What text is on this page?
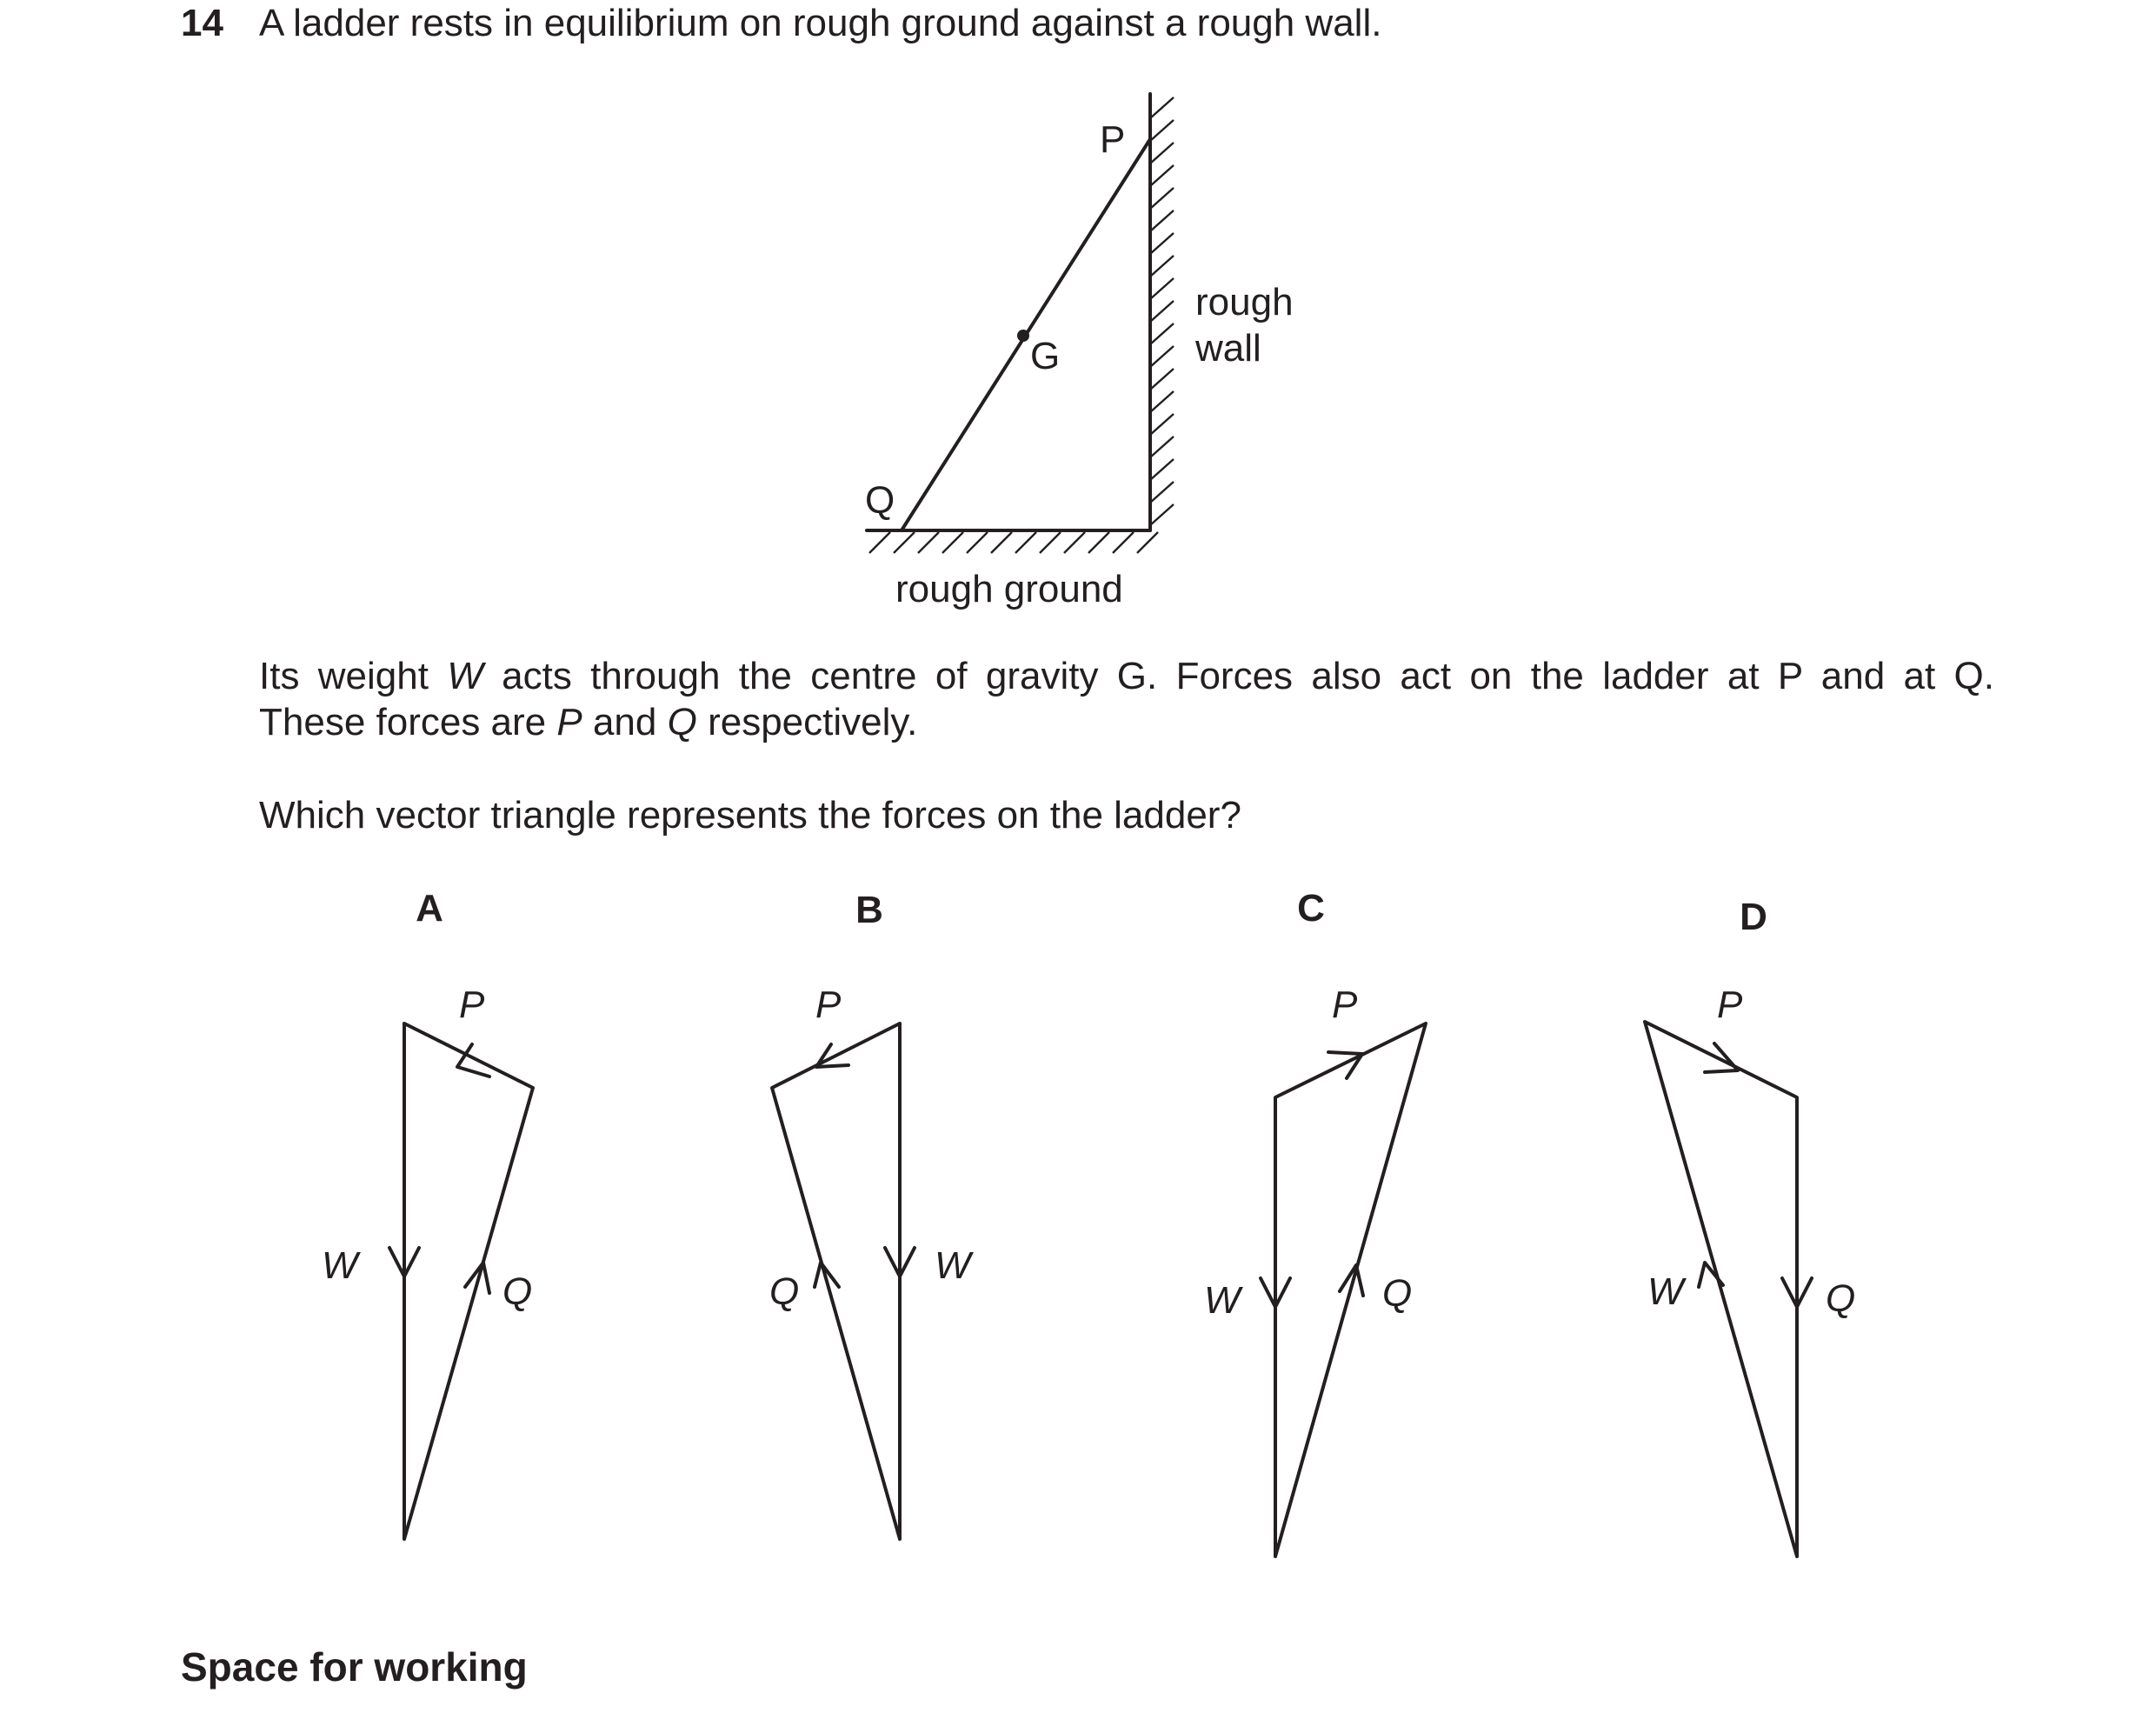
14 A ladder rests in equilibrium on rough ground against a rough wall.
P
G
Q
rough
wall
rough ground
P
W
Q
P
W
Q
P
W	Q
P
W	Q
Its weight W acts through the centre of gravity G. Forces also act on the ladder at P and at Q.
These forces are P and Q respectively.
Which vector triangle represents the forces on the ladder?
A	B	C	D
Space for working
